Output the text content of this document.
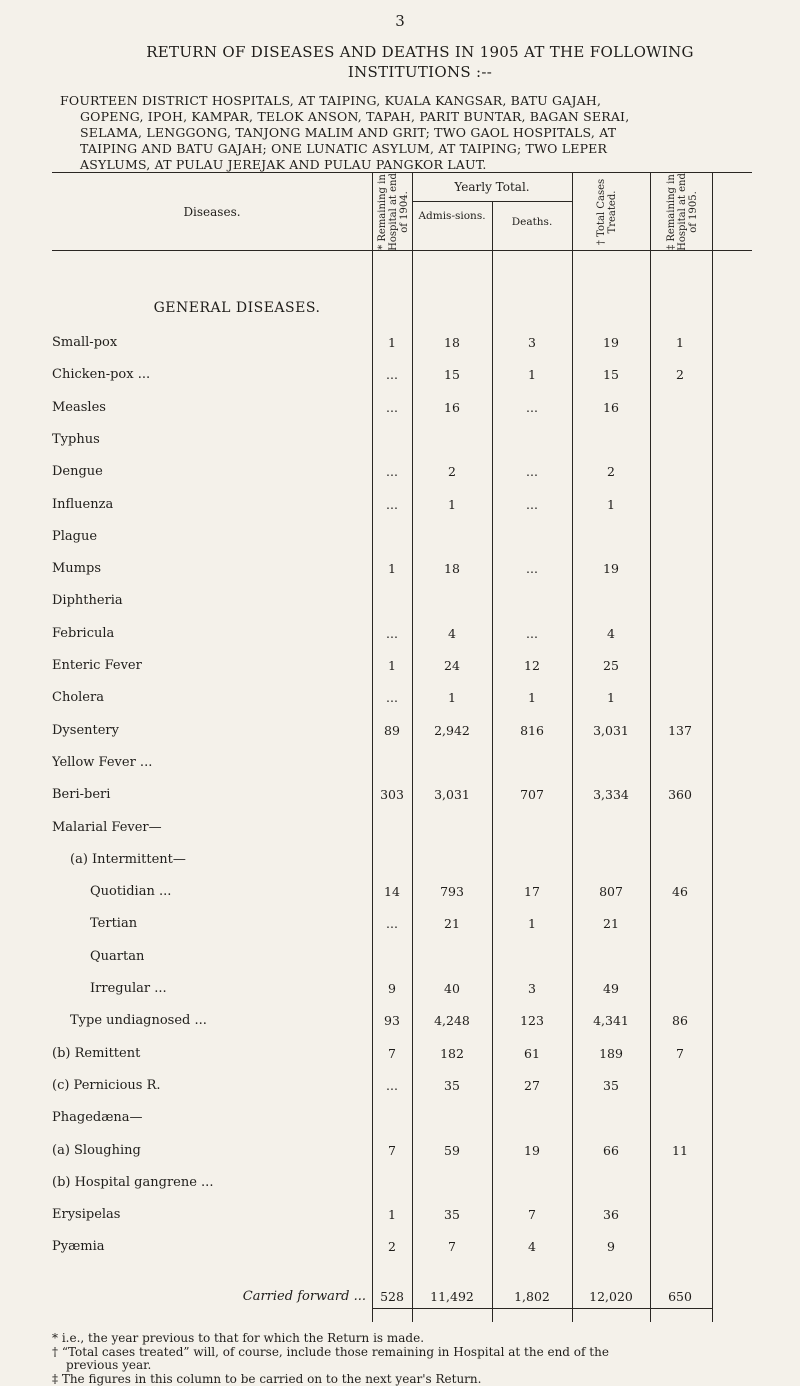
3
RETURN OF DISEASES AND DEATHS IN 1905 AT THE FOLLOWING
INSTITUTIONS :--
FOURTEEN DISTRICT HOSPITALS, AT TAIPING, KUALA KANGSAR, BATU GAJAH,
GOPENG, IPOH, KAMPAR, TELOK ANSON, TAPAH, PARIT BUNTAR, BAGAN SERAI,
SELAMA, LENGGONG, TANJONG MALIM AND GRIT; TWO GAOL HOSPITALS, AT
TAIPING AND BATU GAJAH; ONE LUNATIC ASYLUM, AT TAIPING; TWO LEPER
ASYLUMS, AT PULAU JEREJAK AND PULAU PANGKOR LAUT.
Diseases.	* Remaining in Hospital at end of 1904.
Yearly Total.
Admis-sions.	Deaths.	† Total Cases Treated.	‡ Remaining in Hospital at end of 1905.
GENERAL DISEASES.
Small-pox	1	18	3	19	1
Chicken-pox ...	...	15	1	15	2
Measles	...	16	...	16
Typhus
Dengue	...	2	...	2
Influenza	...	1	...	1
Plague
Mumps	1	18	...	19
Diphtheria
Febricula	...	4	...	4
Enteric Fever	1	24	12	25
Cholera	...	1	1	1
Dysentery	89	2,942	816	3,031	137
Yellow Fever ...
Beri-beri	303	3,031	707	3,334	360
Malarial Fever—
(a) Intermittent—
Quotidian ...	14	793	17	807	46
Tertian	...	21	1	21
Quartan
Irregular ...	9	40	3	49
Type undiagnosed ...	93	4,248	123	4,341	86
(b) Remittent	7	182	61	189	7
(c) Pernicious R.	...	35	27	35
Phagedæna—
(a) Sloughing	7	59	19	66	11
(b) Hospital gangrene ...
Erysipelas	1	35	7	36
Pyæmia	2	7	4	9
Carried forward ...	528	11,492	1,802	12,020	650
* i.e., the year previous to that for which the Return is made.
† “Total cases treated” will, of course, include those remaining in Hospital at the end of the
previous year.
‡ The figures in this column to be carried on to the next year's Return.
